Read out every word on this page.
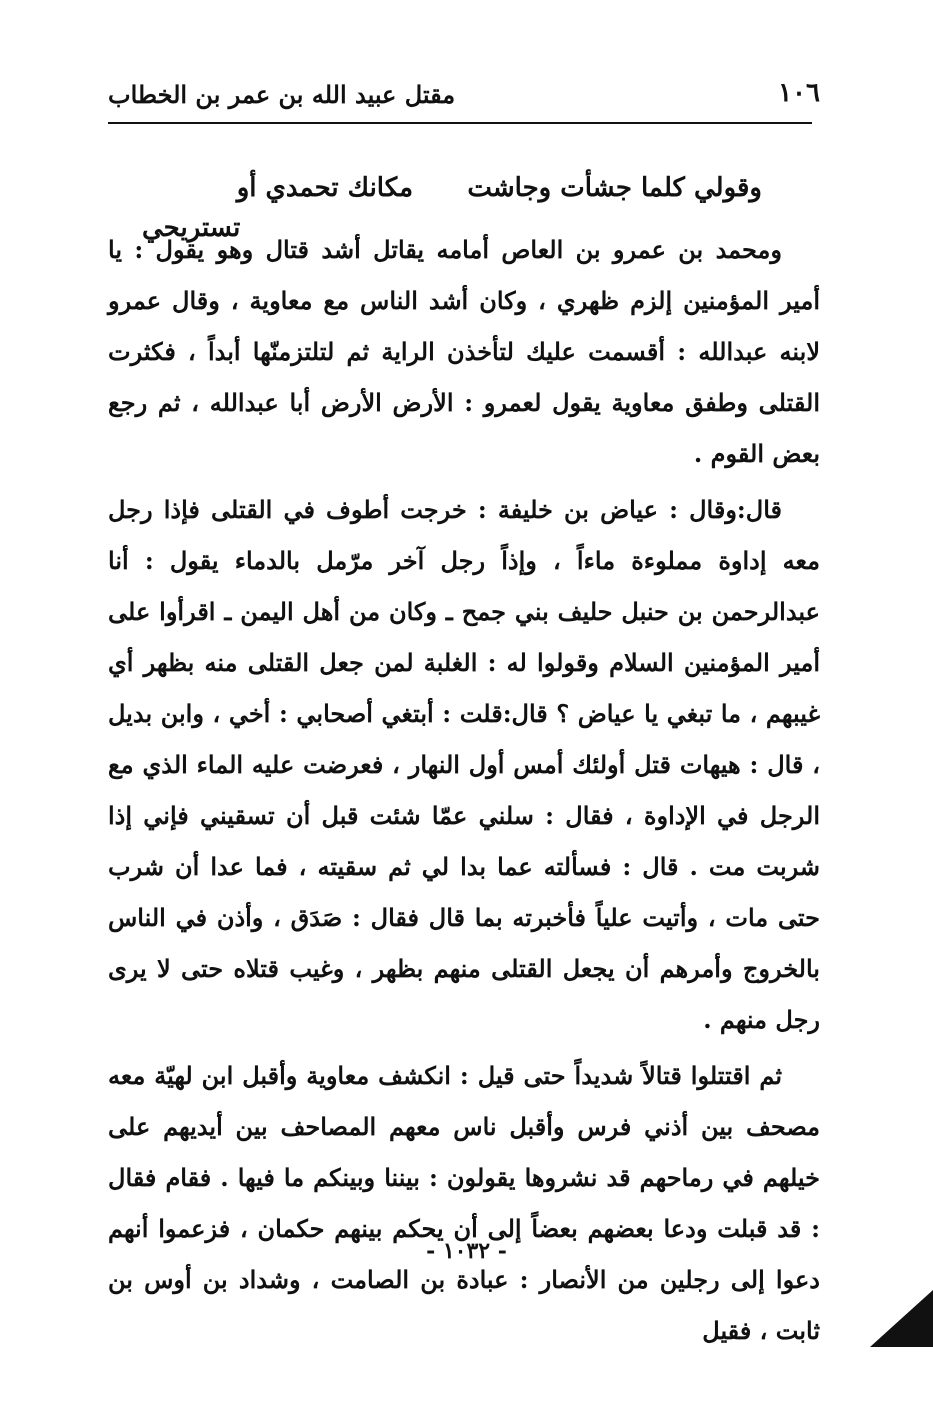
١٠٦
مقتل عبيد الله بن عمر بن الخطاب
وقولي كلما جشأت وجاشت      مكانك تحمدي أو
تستريحي

ومحمد بن عمرو بن العاص أمامه يقاتل أشد قتال وهو يقول : يا أمير المؤمنين إلزم ظهري ، وكان أشد الناس مع معاوية ، وقال عمرو لابنه عبدالله : أقسمت عليك لتأخذن الراية ثم لتلتزمنّها أبداً ، فكثرت القتلى وطفق معاوية يقول لعمرو : الأرض الأرض أبا عبدالله ، ثم رجع بعض القوم .

قال:وقال : عياض بن خليفة : خرجت أطوف في القتلى فإذا رجل معه إداوة مملوءة ماءاً ، وإذاً رجل آخر مرّمل بالدماء يقول : أنا عبدالرحمن بن حنبل حليف بني جمح ـ وكان من أهل اليمن ـ اقرأوا على أمير المؤمنين السلام وقولوا له : الغلبة لمن جعل القتلى منه بظهر أي غيبهم ، ما تبغي يا عياض ؟ قال:قلت : أبتغي أصحابي : أخي ، وابن بديل ، قال : هيهات قتل أولئك أمس أول النهار ، فعرضت عليه الماء الذي مع الرجل في الإداوة ، فقال : سلني عمّا شئت قبل أن تسقيني فإني إذا شربت مت . قال : فسألته عما بدا لي ثم سقيته ، فما عدا أن شرب حتى مات ، وأتيت علياً فأخبرته بما قال فقال : صَدَق ، وأذن في الناس بالخروج وأمرهم أن يجعل القتلى منهم بظهر ، وغيب قتلاه حتى لا يرى رجل منهم .

ثم اقتتلوا قتالاً شديداً حتى قيل : انكشف معاوية وأقبل ابن لهيّة معه مصحف بين أذني فرس وأقبل ناس معهم المصاحف بين أيديهم على خيلهم في رماحهم قد نشروها يقولون : بيننا وبينكم ما فيها . فقام فقال : قد قبلت ودعا بعضهم بعضاً إلى أن يحكم بينهم حكمان ، فزعموا أنهم دعوا إلى رجلين من الأنصار : عبادة بن الصامت ، وشداد بن أوس بن ثابت ، فقيل

- ١٠٣٢ -
